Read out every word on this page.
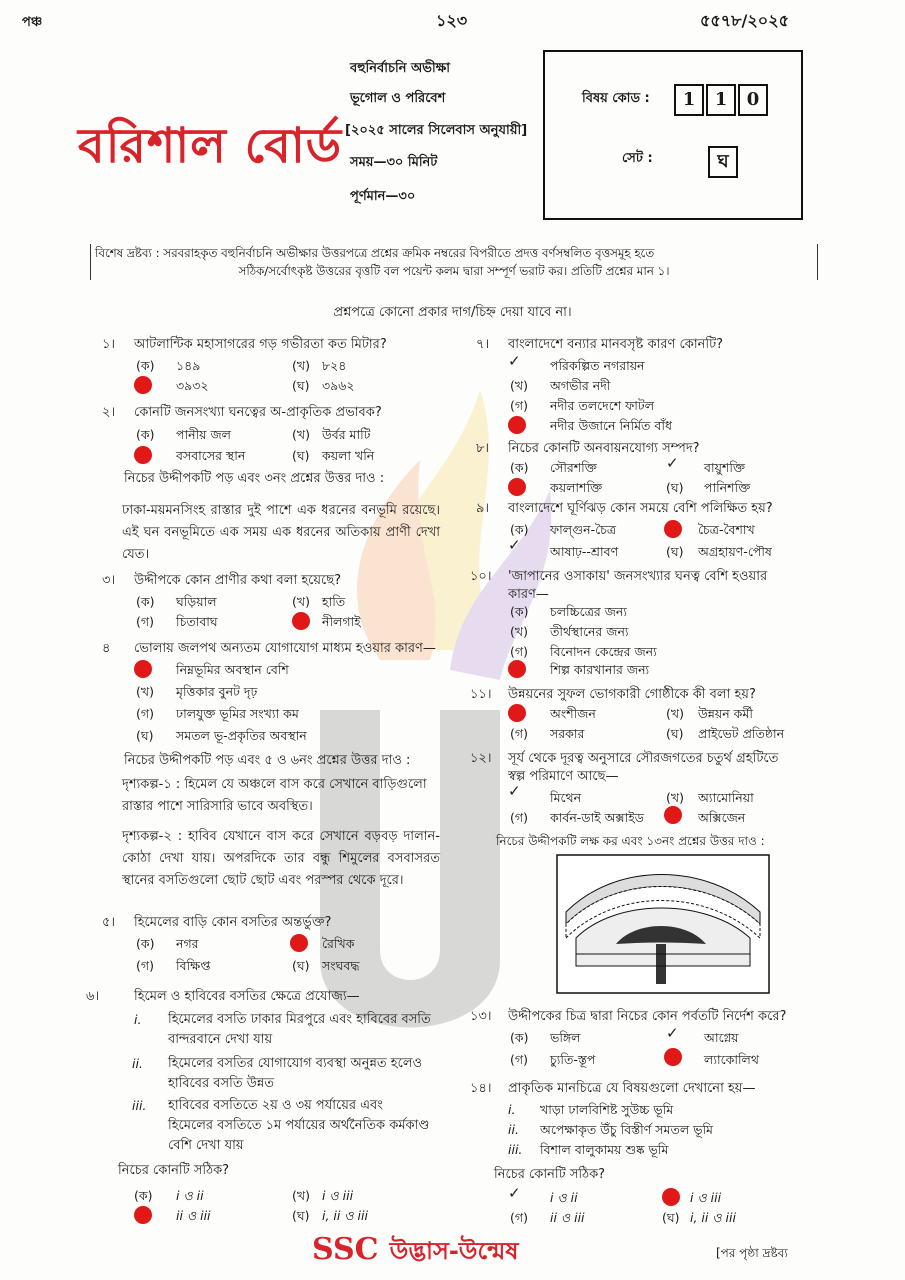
পঞ্চ	১২৩	৫৫৭৮/২০২৫
বরিশাল বোর্ড
বহুনির্বাচনি অভীক্ষা
ভূগোল ও পরিবেশ
[২০২৫ সালের সিলেবাস অনুযায়ী]
সময়—৩০ মিনিট
পূর্ণমান—৩০
বিষয় কোড :	1	1	0
সেট :	ঘ
বিশেষ দ্রষ্টব্য : সরবরাহকৃত বহুনির্বাচনি অভীক্ষার উত্তরপত্রে প্রশ্নের ক্রমিক নম্বরের বিপরীতে প্রদত্ত বর্ণসম্বলিত বৃত্তসমূহ হতে
সঠিক/সর্বোৎকৃষ্ট উত্তরের বৃত্তটি বল পয়েন্ট কলম দ্বারা সম্পূর্ণ ভরাট কর। প্রতিটি প্রশ্নের মান ১।
প্রশ্নপত্রে কোনো প্রকার দাগ/চিহ্ন দেয়া যাবে না।
১। আটলান্টিক মহাসাগরের গড় গভীরতা কত মিটার?
(ক) ১৪৯	(খ) ৮২৪
৩৯৩২	(ঘ) ৩৯৬২
২। কোনটি জনসংখ্যা ঘনত্বের অ-প্রাকৃতিক প্রভাবক?
(ক) পানীয় জল	(খ) উর্বর মাটি
বসবাসের স্থান	(ঘ) কয়লা খনি
নিচের উদ্দীপকটি পড় এবং ৩নং প্রশ্নের উত্তর দাও :
ঢাকা-ময়মনসিংহ রাস্তার দুই পাশে এক ধরনের বনভূমি রয়েছে। এই ঘন বনভূমিতে এক সময় এক ধরনের অতিকায় প্রাণী দেখা যেত।
৩। উদ্দীপকে কোন প্রাণীর কথা বলা হয়েছে?
(ক) ঘড়িয়াল	(খ) হাতি
(গ) চিতাবাঘ	নীলগাই
৪ ভোলায় জলপথ অন্যতম যোগাযোগ মাধ্যম হওয়ার কারণ—
নিম্নভূমির অবস্থান বেশি
(খ) মৃত্তিকার বুনট দৃঢ়
(গ) ঢালযুক্ত ভূমির সংখ্যা কম
(ঘ) সমতল ভূ-প্রকৃতির অবস্থান
নিচের উদ্দীপকটি পড় এবং ৫ ও ৬নং প্রশ্নের উত্তর দাও :
দৃশ্যকল্প-১ : হিমেল যে অঞ্চলে বাস করে সেখানে বাড়িগুলো রাস্তার পাশে সারিসারি ভাবে অবস্থিত।
দৃশ্যকল্প-২ : হাবিব যেখানে বাস করে সেখানে বড়বড় দালান-কোঠা দেখা যায়। অপরদিকে তার বন্ধু শিমুলের বসবাসরত স্থানের বসতিগুলো ছোট ছোট এবং পরস্পর থেকে দূরে।
৫। হিমেলের বাড়ি কোন বসতির অন্তর্ভুক্ত?
(ক) নগর	রৈখিক
(গ) বিক্ষিপ্ত	(ঘ) সংঘবদ্ধ
৬।	হিমেল ও হাবিবের বসতির ক্ষেত্রে প্রযোজ্য—
i. হিমেলের বসতি ঢাকার মিরপুরে এবং হাবিবের বসতি বান্দরবানে দেখা যায়
ii. হিমেলের বসতির যোগাযোগ ব্যবস্থা অনুন্নত হলেও হাবিবের বসতি উন্নত
iii. হাবিবের বসতিতে ২য় ও ৩য় পর্যায়ের এবং হিমেলের বসতিতে ১ম পর্যায়ের অর্থনৈতিক কর্মকাণ্ড বেশি দেখা যায়
নিচের কোনটি সঠিক?
(ক) i ও ii	(খ) i ও iii
ii ও iii	(ঘ) i, ii ও iii
৭। বাংলাদেশে বন্যার মানবসৃষ্ট কারণ কোনটি?
✓ পরিকল্পিত নগরায়ন
(খ) অগভীর নদী
(গ) নদীর তলদেশে ফাটল
নদীর উজানে নির্মিত বাঁধ
৮। নিচের কোনটি অনবায়নযোগ্য সম্পদ?
(ক) সৌরশক্তি	✓ বায়ুশক্তি
কয়লাশক্তি	(ঘ) পানিশক্তি
৯। বাংলাদেশে ঘূর্ণিঝড় কোন সময়ে বেশি পলিক্ষিত হয়?
(ক) ফাল্গুন-চৈত্র	চৈত্র-বৈশাখ
✓ আষাঢ়--শ্রাবণ	(ঘ) অগ্রহায়ণ-পৌষ
১০। 'জাপানের ওসাকায়' জনসংখ্যার ঘনত্ব বেশি হওয়ার কারণ—
(ক) চলচ্চিত্রের জন্য
(খ) তীর্থস্থানের জন্য
(গ) বিনোদন কেন্দ্রের জন্য
শিল্প কারখানার জন্য
১১। উন্নয়নের সুফল ভোগকারী গোষ্ঠীকে কী বলা হয়?
অংশীজন	(খ) উন্নয়ন কর্মী
(গ) সরকার	(ঘ) প্রাইভেট প্রতিষ্ঠান
১২। সূর্য থেকে দূরত্ব অনুসারে সৌরজগতের চতুর্থ গ্রহটিতে স্বল্প পরিমাণে আছে—
✓ মিথেন	(খ) অ্যামোনিয়া
(গ) কার্বন-ডাই অক্সাইড	অক্সিজেন
নিচের উদ্দীপকটি লক্ষ কর এবং ১৩নং প্রশ্নের উত্তর দাও :
১৩। উদ্দীপকের চিত্র দ্বারা নিচের কোন পর্বতটি নির্দেশ করে?
(ক) ভঙ্গিল	✓ আগ্নেয়
(গ) চ্যুতি-স্তূপ	ল্যাকোলিথ
১৪। প্রাকৃতিক মানচিত্রে যে বিষয়গুলো দেখানো হয়—
i. খাড়া ঢালবিশিষ্ট সুউচ্চ ভূমি
ii. অপেক্ষাকৃত উঁচু বিস্তীর্ণ সমতল ভূমি
iii. বিশাল বালুকাময় শুষ্ক ভূমি
নিচের কোনটি সঠিক?
✓ i ও ii	i ও iii
(গ) ii ও iii	(ঘ) i, ii ও iii
SSC উদ্ভাস-উন্মেষ	[পর পৃষ্ঠা দ্রষ্টব্য
